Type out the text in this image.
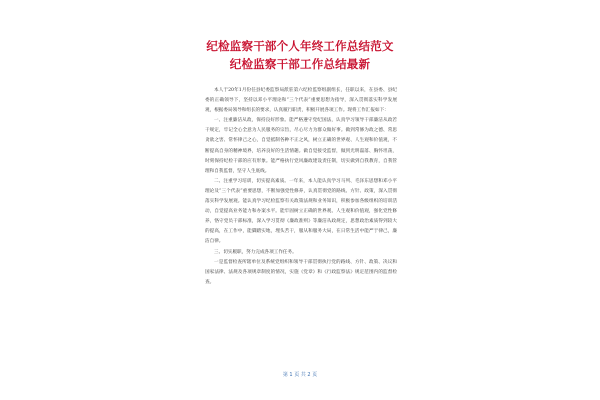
纪检监察干部个人年终工作总结范文
纪检监察干部工作总结最新

本人于20年1月份任县纪委监察局派驻第六纪检监察组副组长，任职以来，在县委、县纪委的正确领导下，坚持以邓小平理论和“三个代表”重要思想为指导，深入贯彻落实科学发展观，根据委局领导和组长的要求，认真履行职责，积极开展各项工作。现将工作汇报如下：

一、注重廉洁从政，保持良好形象。能严格遵守党纪国法，认真学习领导干部廉洁从政若干规定，牢记全心全意为人民服务的宗旨，尽心尽力为群众做好事。做到常修为政之德、常思贪欲之害、常怀律己之心，自觉抵制各种不正之风，树立正确的世界观、人生观和价值观，不断提高自身的精神境界，培养良好的生活情趣。做自觉接受监督，做到光明磊落、胸怀坦荡，时刻保持纪检干部的应有形象。能严格执行党风廉政建设责任制，切实做到自我教育，自我管理和自我监督，坚守人生底线。

二、注重学习培训，切实提高素质。一年来，本人能认真学习马列、毛泽东思想和邓小平理论及“三个代表”重要思想，不断加强党性修养，认真贯彻党的路线、方针、政策，深入贯彻落实科学发展观。能认真学习纪检监察有关政策法规和业务知识，积极参加各级组织的培训活动，自觉提高业务能力和办案水平。能牢固树立正确的世界观、人生观和价值观，强化党性修养，恪守党员干部标准，深入学习贯彻《廉政准则》等廉洁从政规定，思想政治素质得到较大的提高，在工作中，能脚踏实地，埋头苦干，服从和服务大局，在日常生活中能严于律己，廉洁自律。

三、切实履职，努力完成各项工作任务。

一是监督检查所辖单位及系统党组织和领导干部贯彻执行党的路线、方针、政策、决议和国家法律、法规及各项规章制度的情况，实施《党章》和《行政监察法》规定范围内的监督检查。

第 1 页 共 2 页
